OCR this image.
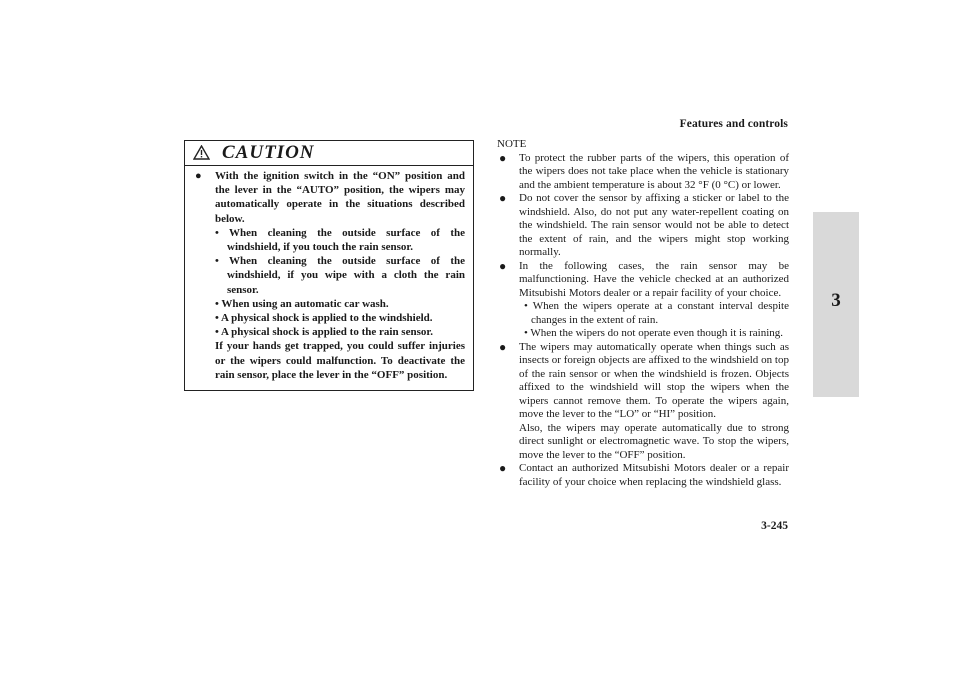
Features and controls
3
CAUTION
● With the ignition switch in the “ON” position and the lever in the “AUTO” position, the wipers may automatically operate in the situations described below.
• When cleaning the outside surface of the windshield, if you touch the rain sensor.
• When cleaning the outside surface of the windshield, if you wipe with a cloth the rain sensor.
• When using an automatic car wash.
• A physical shock is applied to the windshield.
• A physical shock is applied to the rain sensor.
If your hands get trapped, you could suffer injuries or the wipers could malfunction. To deactivate the rain sensor, place the lever in the “OFF” position.
NOTE
● To protect the rubber parts of the wipers, this operation of the wipers does not take place when the vehicle is stationary and the ambient temperature is about 32 °F (0 °C) or lower.
● Do not cover the sensor by affixing a sticker or label to the windshield. Also, do not put any water-repellent coating on the windshield. The rain sensor would not be able to detect the extent of rain, and the wipers might stop working normally.
● In the following cases, the rain sensor may be malfunctioning. Have the vehicle checked at an authorized Mitsubishi Motors dealer or a repair facility of your choice.
• When the wipers operate at a constant interval despite changes in the extent of rain.
• When the wipers do not operate even though it is raining.
● The wipers may automatically operate when things such as insects or foreign objects are affixed to the windshield on top of the rain sensor or when the windshield is frozen. Objects affixed to the windshield will stop the wipers when the wipers cannot remove them. To operate the wipers again, move the lever to the “LO” or “HI” position.
Also, the wipers may operate automatically due to strong direct sunlight or electromagnetic wave. To stop the wipers, move the lever to the “OFF” position.
● Contact an authorized Mitsubishi Motors dealer or a repair facility of your choice when replacing the windshield glass.
3-245
